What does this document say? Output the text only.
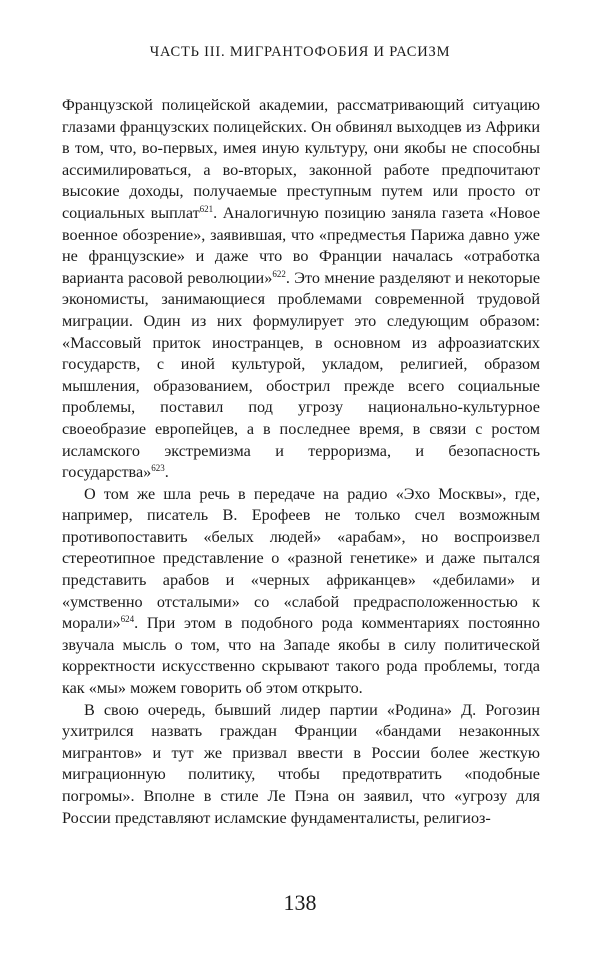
ЧАСТЬ III. МИГРАНТОФОБИЯ И РАСИЗМ

Французской полицейской академии, рассматривающий ситуацию глазами французских полицейских. Он обвинял выходцев из Африки в том, что, во-первых, имея иную культуру, они якобы не способны ассимилироваться, а во-вторых, законной работе предпочитают высокие доходы, получаемые преступным путем или просто от социальных выплат$^{621}$. Аналогичную позицию заняла газета «Новое военное обозрение», заявившая, что «предместья Парижа давно уже не французские» и даже что во Франции началась «отработка варианта расовой революции»$^{622}$. Это мнение разделяют и некоторые экономисты, занимающиеся проблемами современной трудовой миграции. Один из них формулирует это следующим образом: «Массовый приток иностранцев, в основном из афроазиатских государств, с иной культурой, укладом, религией, образом мышления, образованием, обострил прежде всего социальные проблемы, поставил под угрозу национально-культурное своеобразие европейцев, а в последнее время, в связи с ростом исламского экстремизма и терроризма, и безопасность государства»$^{623}$.

О том же шла речь в передаче на радио «Эхо Москвы», где, например, писатель В. Ерофеев не только счел возможным противопоставить «белых людей» «арабам», но воспроизвел стереотипное представление о «разной генетике» и даже пытался представить арабов и «черных африканцев» «дебилами» и «умственно отсталыми» со «слабой предрасположенностью к морали»$^{624}$. При этом в подобного рода комментариях постоянно звучала мысль о том, что на Западе якобы в силу политической корректности искусственно скрывают такого рода проблемы, тогда как «мы» можем говорить об этом открыто.

В свою очередь, бывший лидер партии «Родина» Д. Рогозин ухитрился назвать граждан Франции «бандами незаконных мигрантов» и тут же призвал ввести в России более жесткую миграционную политику, чтобы предотвратить «подобные погромы». Вполне в стиле Ле Пэна он заявил, что «угрозу для России представляют исламские фундаменталисты, религиоз-

138
